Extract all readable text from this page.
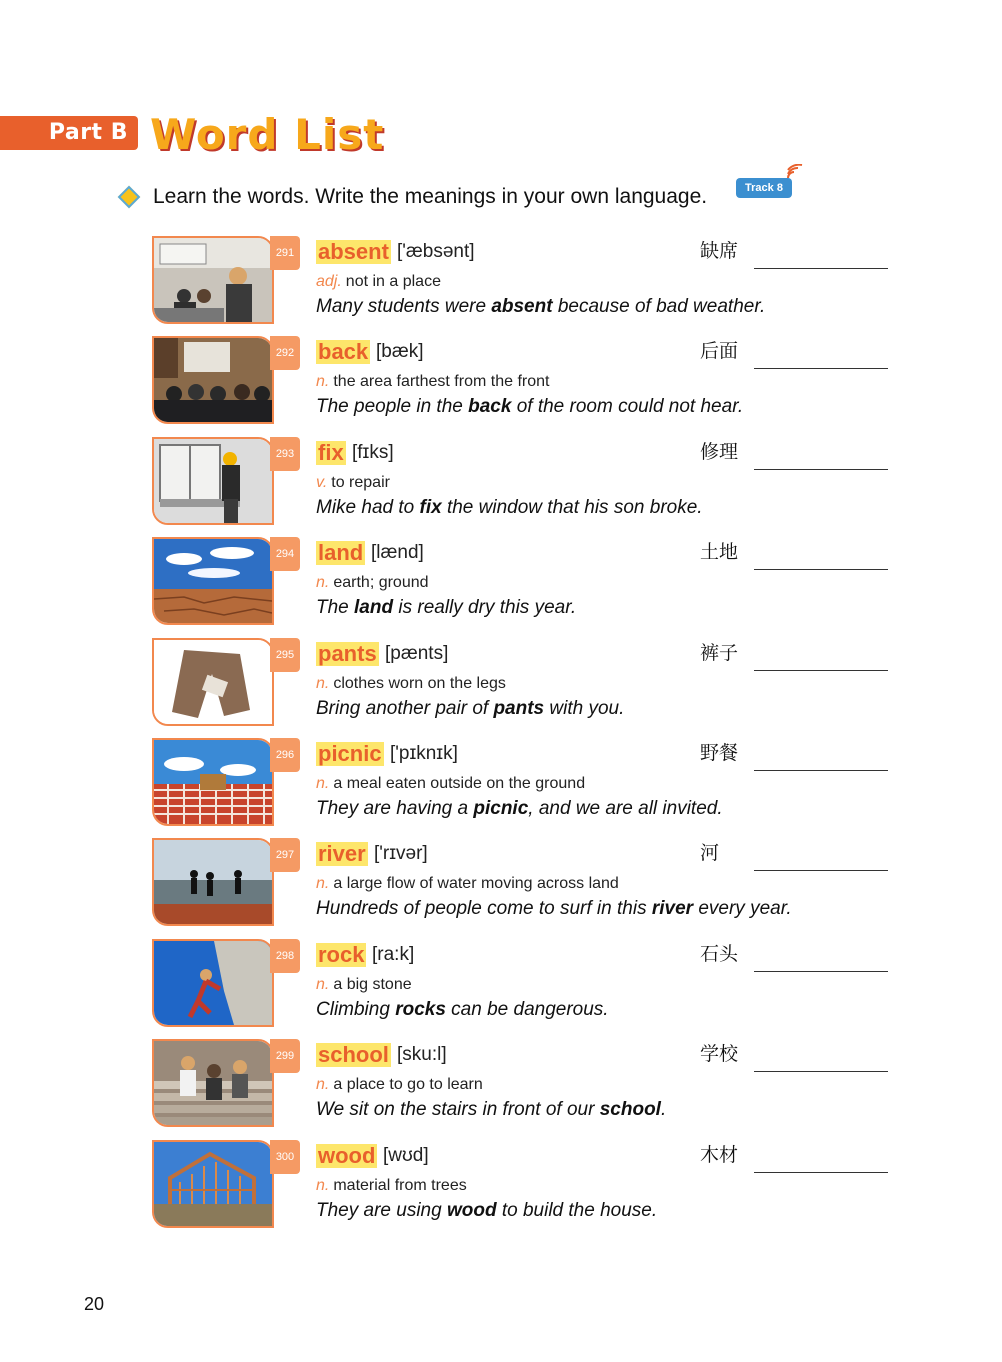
Part B Word List
Learn the words. Write the meanings in your own language.	Track 8
291 absent ['æbsənt]	缺席
adj. not in a place
Many students were absent because of bad weather.
292 back [bæk]	后面
n. the area farthest from the front
The people in the back of the room could not hear.
293 fix [fɪks]	修理
v. to repair
Mike had to fix the window that his son broke.
294 land [lænd]	土地
n. earth; ground
The land is really dry this year.
295 pants [pænts]	裤子
n. clothes worn on the legs
Bring another pair of pants with you.
296 picnic ['pɪknɪk]	野餐
n. a meal eaten outside on the ground
They are having a picnic, and we are all invited.
297 river ['rɪvər]	河
n. a large flow of water moving across land
Hundreds of people come to surf in this river every year.
298 rock [ra:k]	石头
n. a big stone
Climbing rocks can be dangerous.
299 school [sku:l]	学校
n. a place to go to learn
We sit on the stairs in front of our school.
300 wood [wʊd]	木材
n. material from trees
They are using wood to build the house.
20
